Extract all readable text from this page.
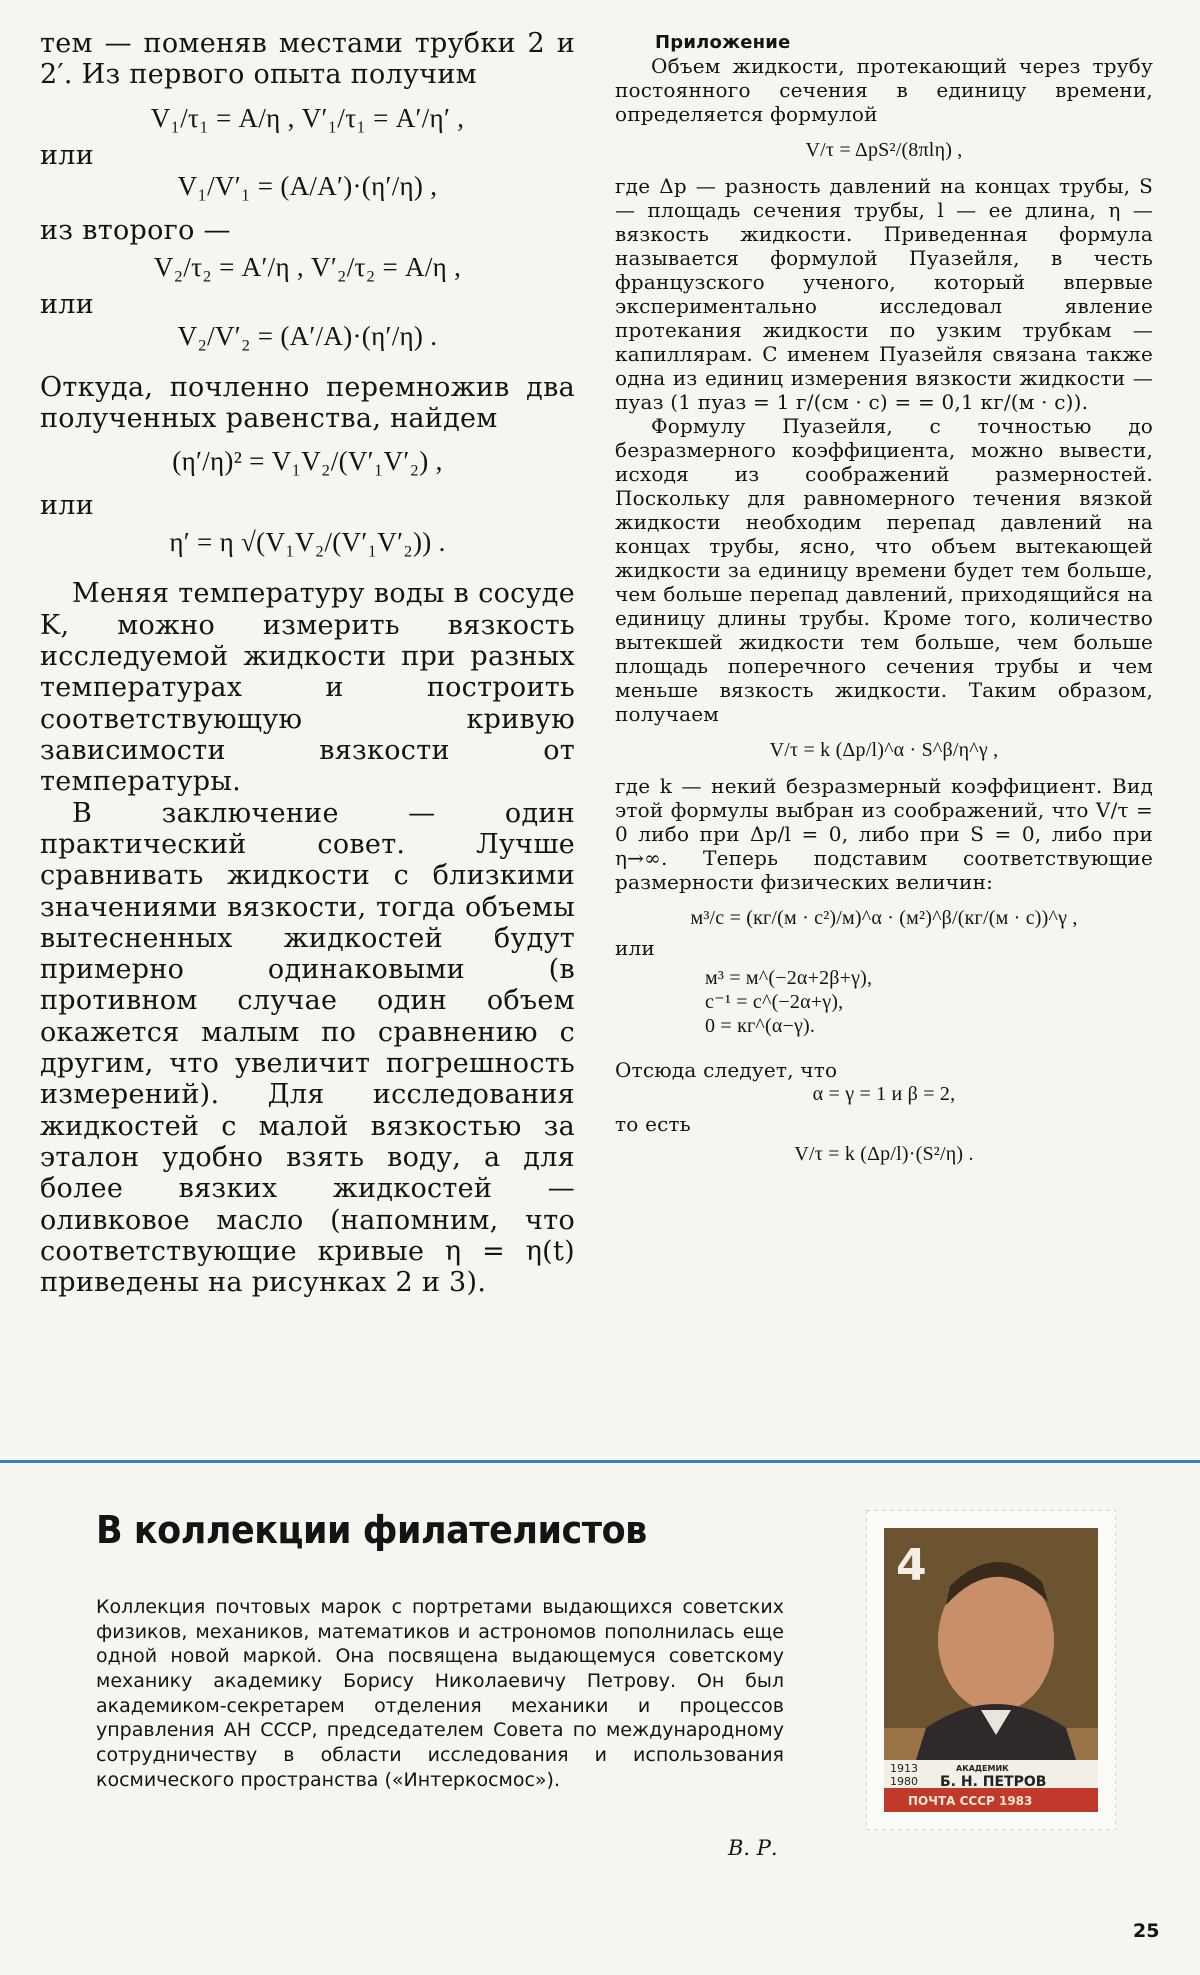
тем — поменяв местами трубки 2 и 2′. Из первого опыта получим

V₁/τ₁ = A/η , V′₁/τ₁ = A′/η′ ,

или

V₁/V′₁ = (A/A′)·(η′/η) ,

из второго —

V₂/τ₂ = A′/η , V′₂/τ₂ = A/η ,

или

V₂/V′₂ = (A′/A)·(η′/η) .

Откуда, почленно перемножив два полученных равенства, найдем

(η′/η)² = V₁V₂/(V′₁V′₂) ,

или

η′ = η √(V₁V₂/(V′₁V′₂)) .

Меняя температуру воды в сосуде K, можно измерить вязкость исследуемой жидкости при разных температурах и построить соответствующую кривую зависимости вязкости от температуры.

В заключение — один практический совет. Лучше сравнивать жидкости с близкими значениями вязкости, тогда объемы вытесненных жидкостей будут примерно одинаковыми (в противном случае один объем окажется малым по сравнению с другим, что увеличит погрешность измерений). Для исследования жидкостей с малой вязкостью за эталон удобно взять воду, а для более вязких жидкостей — оливковое масло (напомним, что соответствующие кривые η = η(t) приведены на рисунках 2 и 3).

Приложение

Объем жидкости, протекающий через трубу постоянного сечения в единицу времени, определяется формулой

V/τ = ΔpS²/(8πlη) ,

где Δp — разность давлений на концах трубы, S — площадь сечения трубы, l — ее длина, η — вязкость жидкости. Приведенная формула называется формулой Пуазейля, в честь французского ученого, который впервые экспериментально исследовал явление протекания жидкости по узким трубкам — капиллярам. С именем Пуазейля связана также одна из единиц измерения вязкости жидкости — пуаз (1 пуаз = 1 г/(см · с) = = 0,1 кг/(м · с)).

Формулу Пуазейля, с точностью до безразмерного коэффициента, можно вывести, исходя из соображений размерностей. Поскольку для равномерного течения вязкой жидкости необходим перепад давлений на концах трубы, ясно, что объем вытекающей жидкости за единицу времени будет тем больше, чем больше перепад давлений, приходящийся на единицу длины трубы. Кроме того, количество вытекшей жидкости тем больше, чем больше площадь поперечного сечения трубы и чем меньше вязкость жидкости. Таким образом, получаем

V/τ = k (Δp/l)^α · S^β/η^γ ,

где k — некий безразмерный коэффициент. Вид этой формулы выбран из соображений, что V/τ = 0 либо при Δp/l = 0, либо при S = 0, либо при η→∞. Теперь подставим соответствующие размерности физических величин:

м³/с = (кг/(м · с²)/м)^α · (м²)^β/(кг/(м · с))^γ ,

или

м³ = м^(−2α+2β+γ),
с⁻¹ = с^(−2α+γ),
0 = кг^(α−γ).

Отсюда следует, что

α = γ = 1 и β = 2,

то есть

V/τ = k (Δp/l)·(S²/η) .
В коллекции филателистов
Коллекция почтовых марок с портретами выдающихся советских физиков, механиков, математиков и астрономов пополнилась еще одной новой маркой. Она посвящена выдающемуся советскому механику академику Борису Николаевичу Петрову. Он был академиком-секретарем отделения механики и процессов управления АН СССР, председателем Совета по международному сотрудничеству в области исследования и использования космического пространства («Интеркосмос»).
В. Р.
4
1913
1980
АКАДЕМИК
Б. Н. ПЕТРОВ
ПОЧТА СССР 1983
25
